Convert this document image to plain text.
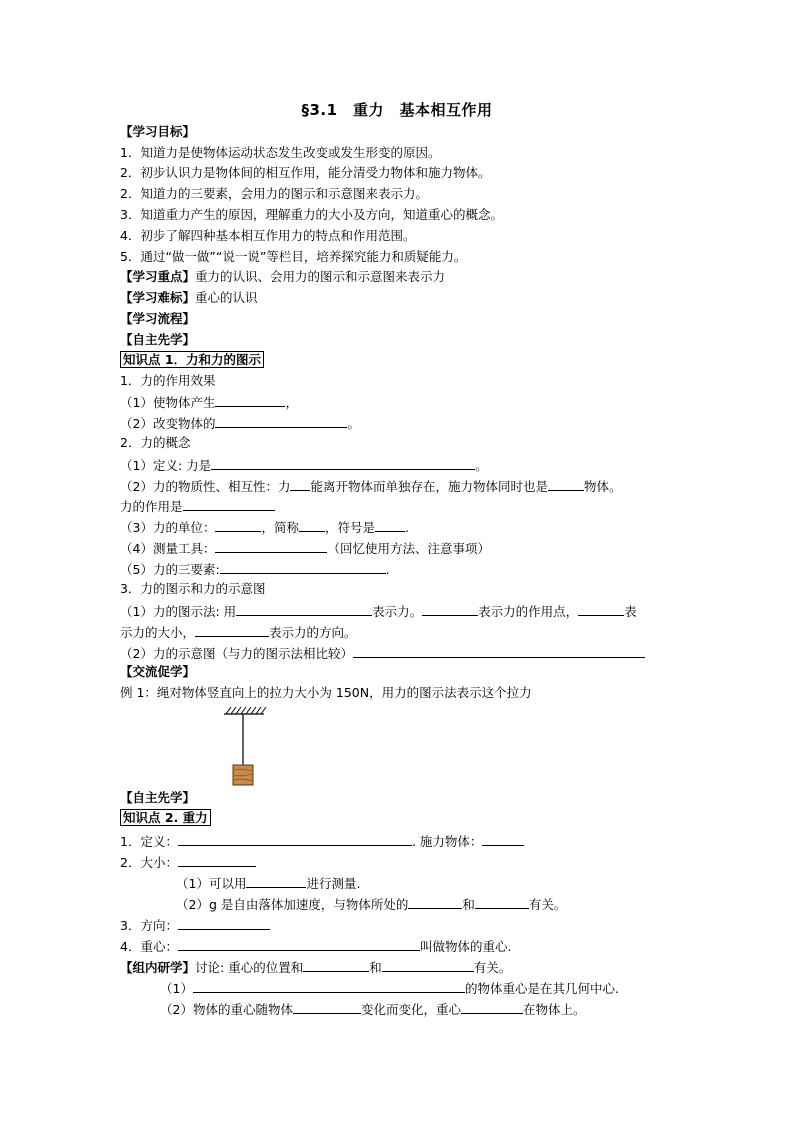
§3.1　重力　基本相互作用
【学习目标】
1．知道力是使物体运动状态发生改变或发生形变的原因。
2．初步认识力是物体间的相互作用，能分清受力物体和施力物体。
2．知道力的三要素，会用力的图示和示意图来表示力。
3．知道重力产生的原因，理解重力的大小及方向，知道重心的概念。
4．初步了解四种基本相互作用力的特点和作用范围。
5．通过“做一做”“说一说”等栏目，培养探究能力和质疑能力。
【学习重点】重力的认识、会用力的图示和示意图来表示力
【学习难标】重心的认识
【学习流程】
【自主先学】
知识点 1．力和力的图示
1．力的作用效果
（1）使物体产生	，
（2）改变物体的	。
2．力的概念
（1）定义: 力是	。
（2）力的物质性、相互性：力 能离开物体而单独存在，施力物体同时也是	物体。
力的作用是
（3）力的单位：	，简称 ，符号是 .
（4）测量工具：	（回忆使用方法、注意事项）
（5）力的三要素:	.
3．力的图示和力的示意图
（1）力的图示法: 用	表示力。	表示力的作用点，	表
示力的大小，	表示力的方向。
（2）力的示意图（与力的图示法相比较）
【交流促学】
例 1：绳对物体竖直向上的拉力大小为 150N，用力的图示法表示这个拉力
【自主先学】
知识点 2. 重力
1．定义：	. 施力物体：
2．大小：
（1）可以用	进行测量.
（2）g 是自由落体加速度，与物体所处的	和	有关。
3．方向：
4．重心：	叫做物体的重心.
【组内研学】讨论: 重心的位置和	和	有关。
（1）	的物体重心是在其几何中心.
（2）物体的重心随物体	变化而变化，重心	在物体上。
